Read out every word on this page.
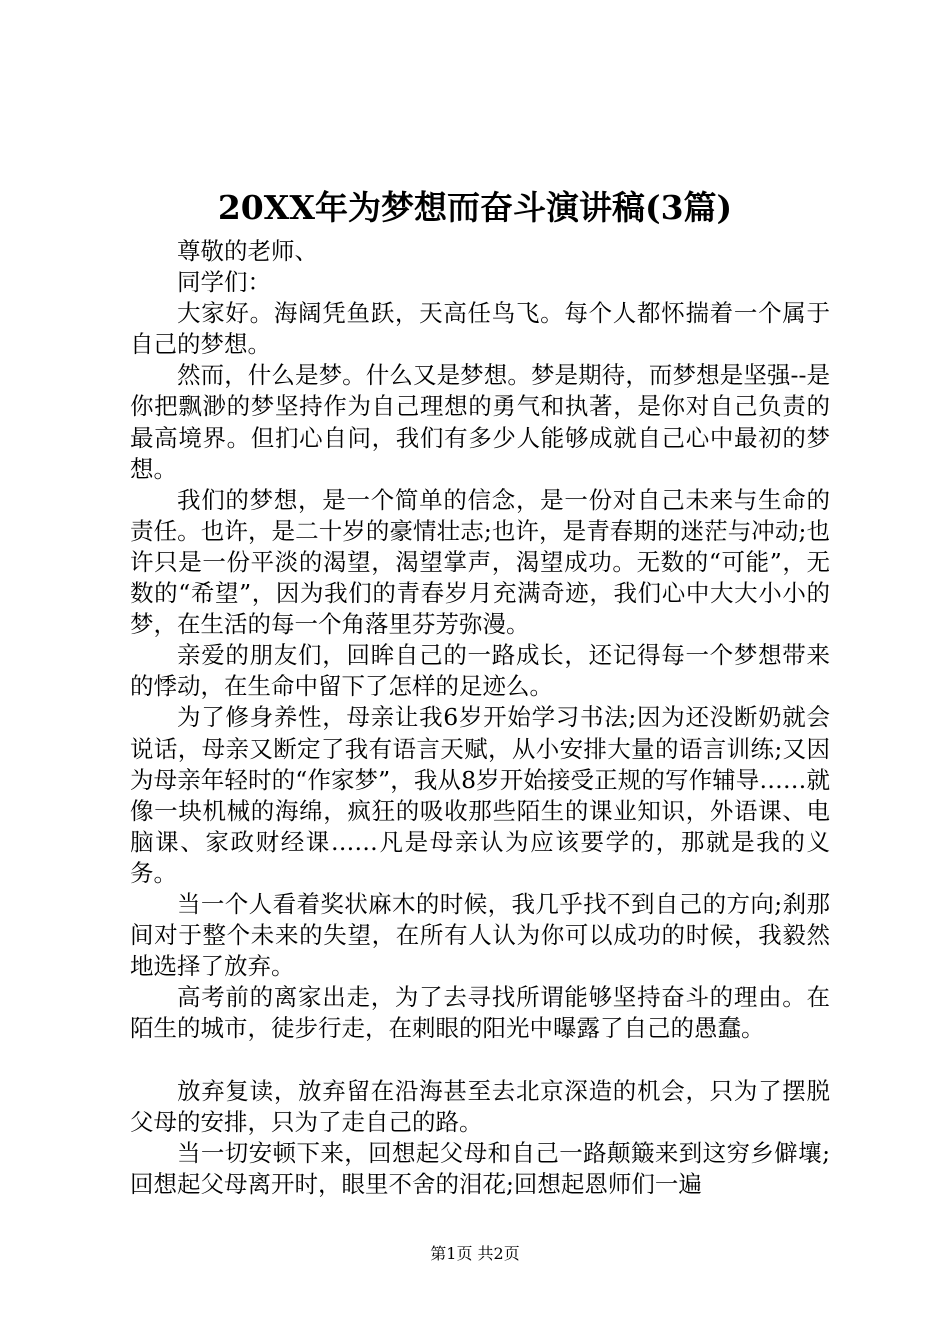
20XX年为梦想而奋斗演讲稿(3篇)

尊敬的老师、

同学们：

大家好。海阔凭鱼跃，天高任鸟飞。每个人都怀揣着一个属于自己的梦想。

然而，什么是梦。什么又是梦想。梦是期待，而梦想是坚强--是你把飘渺的梦坚持作为自己理想的勇气和执著，是你对自己负责的最高境界。但扪心自问，我们有多少人能够成就自己心中最初的梦想。

我们的梦想，是一个简单的信念，是一份对自己未来与生命的责任。也许，是二十岁的豪情壮志;也许，是青春期的迷茫与冲动;也许只是一份平淡的渴望，渴望掌声，渴望成功。无数的“可能”，无数的“希望”，因为我们的青春岁月充满奇迹，我们心中大大小小的梦，在生活的每一个角落里芬芳弥漫。

亲爱的朋友们，回眸自己的一路成长，还记得每一个梦想带来的悸动，在生命中留下了怎样的足迹么。

为了修身养性，母亲让我6岁开始学习书法;因为还没断奶就会说话，母亲又断定了我有语言天赋，从小安排大量的语言训练;又因为母亲年轻时的“作家梦”，我从8岁开始接受正规的写作辅导……就像一块机械的海绵，疯狂的吸收那些陌生的课业知识，外语课、电脑课、家政财经课……凡是母亲认为应该要学的，那就是我的义务。

当一个人看着奖状麻木的时候，我几乎找不到自己的方向;刹那间对于整个未来的失望，在所有人认为你可以成功的时候，我毅然地选择了放弃。

高考前的离家出走，为了去寻找所谓能够坚持奋斗的理由。在陌生的城市，徒步行走，在刺眼的阳光中曝露了自己的愚蠢。

放弃复读，放弃留在沿海甚至去北京深造的机会，只为了摆脱父母的安排，只为了走自己的路。

当一切安顿下来，回想起父母和自己一路颠簸来到这穷乡僻壤;回想起父母离开时，眼里不舍的泪花;回想起恩师们一遍

第1页 共2页
